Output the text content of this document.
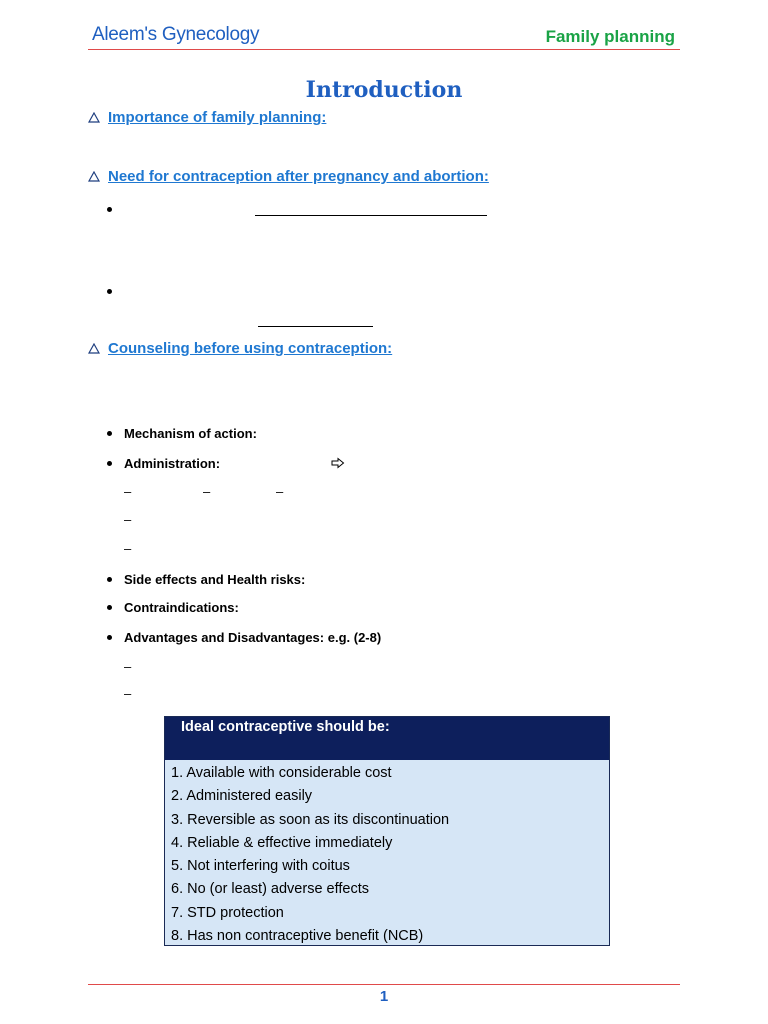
Aleem's Gynecology	Family planning
Introduction
Importance of family planning:
Need for contraception after pregnancy and abortion:
Counseling before using contraception:
Mechanism of action:
Administration:
–	–	–
–
–
Side effects and Health risks:
Contraindications:
Advantages and Disadvantages: e.g. (2-8)
–
–
Ideal contraceptive should be:
1. Available with considerable cost
2. Administered easily
3. Reversible as soon as its discontinuation
4. Reliable & effective immediately
5. Not interfering with coitus
6. No (or least) adverse effects
7. STD protection
8. Has non contraceptive benefit (NCB)
1
